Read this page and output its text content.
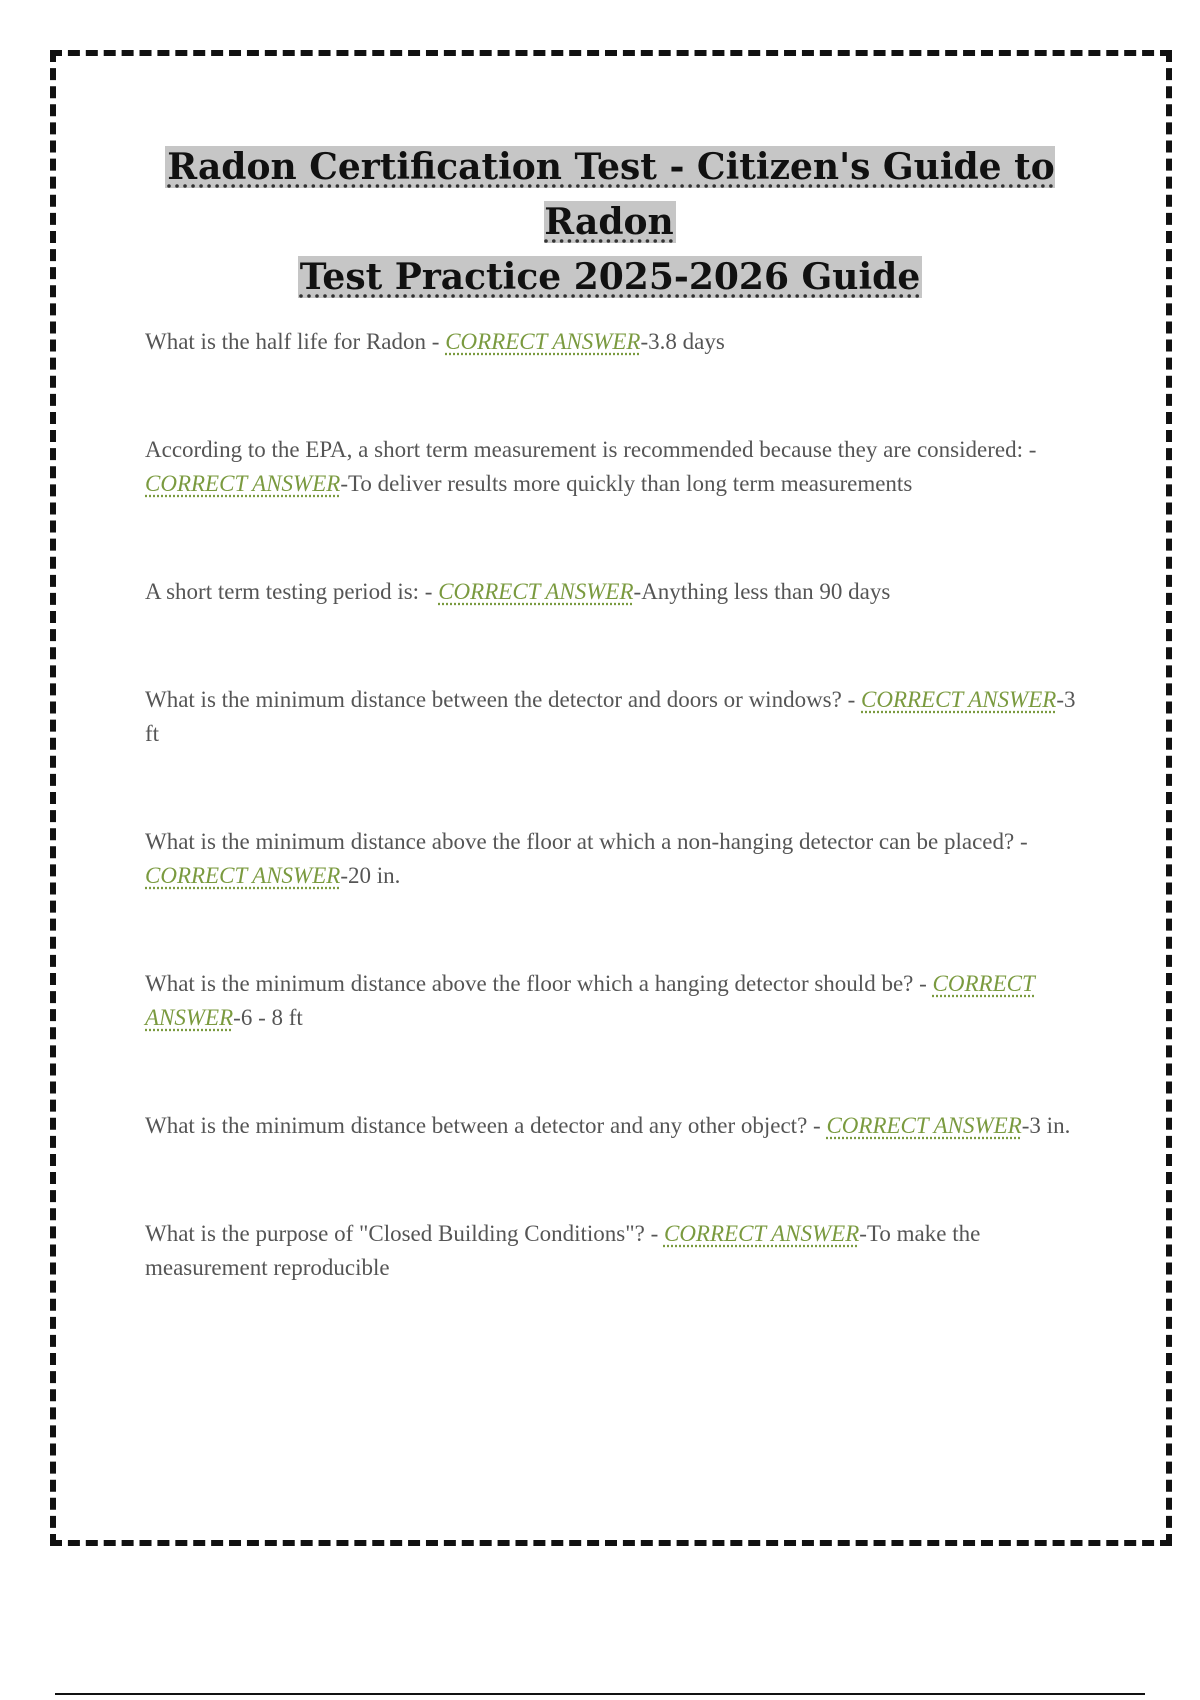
Radon Certification Test - Citizen's Guide to Radon
Test Practice 2025-2026 Guide

What is the half life for Radon - CORRECT ANSWER-3.8 days

According to the EPA, a short term measurement is recommended because they are considered: - CORRECT ANSWER-To deliver results more quickly than long term measurements

A short term testing period is: - CORRECT ANSWER-Anything less than 90 days

What is the minimum distance between the detector and doors or windows? - CORRECT ANSWER-3 ft

What is the minimum distance above the floor at which a non-hanging detector can be placed? - CORRECT ANSWER-20 in.

What is the minimum distance above the floor which a hanging detector should be? - CORRECT ANSWER-6 - 8 ft

What is the minimum distance between a detector and any other object? - CORRECT ANSWER-3 in.

What is the purpose of "Closed Building Conditions"? - CORRECT ANSWER-To make the measurement reproducible
